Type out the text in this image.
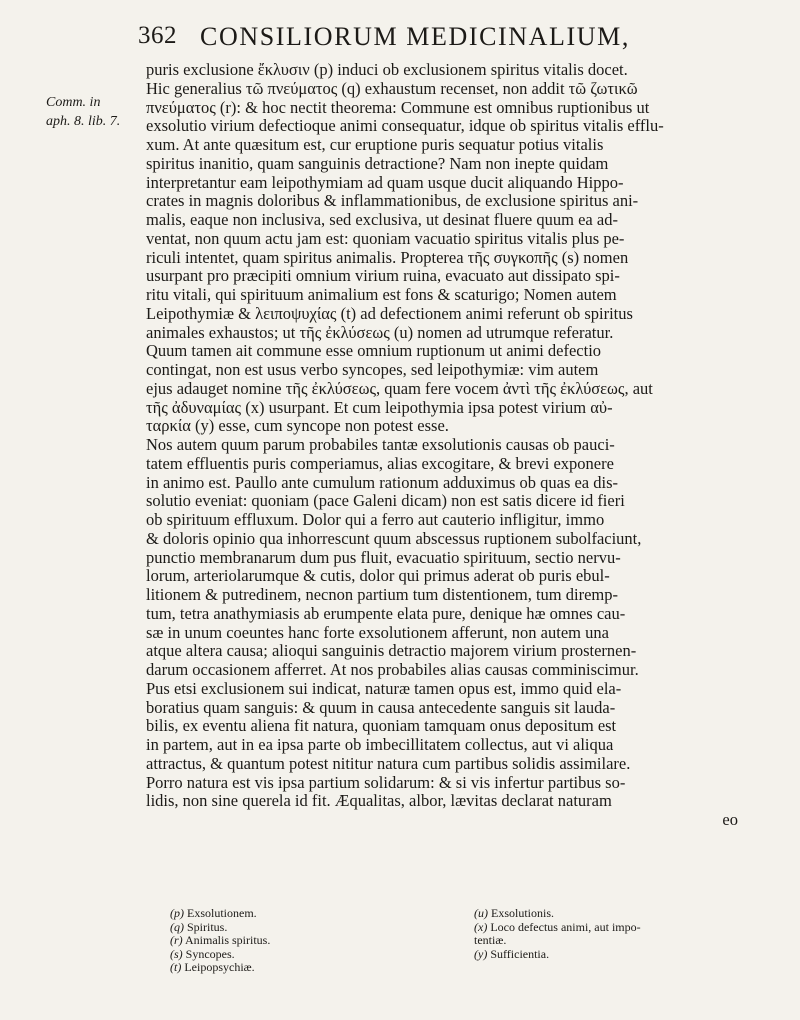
362 CONSILIORUM MEDICINALIUM,
Comm. in
aph. 8. lib. 7.
puris exclusione ἔκλυσιν (p) induci ob exclusionem spiritus vitalis docet.
Hic generalius τῶ πνεύματος (q) exhaustum recenset, non addit τῶ ζωτικῶ
πνεύματος (r): & hoc nectit theorema: Commune est omnibus ruptionibus ut
exsolutio virium defectioque animi consequatur, idque ob spiritus vitalis efflu-
xum. At ante quæsitum est, cur eruptione puris sequatur potius vitalis
spiritus inanitio, quam sanguinis detractione? Nam non inepte quidam
interpretantur eam leipothymiam ad quam usque ducit aliquando Hippo-
crates in magnis doloribus & inflammationibus, de exclusione spiritus ani-
malis, eaque non inclusiva, sed exclusiva, ut desinat fluere quum ea ad-
ventat, non quum actu jam est: quoniam vacuatio spiritus vitalis plus pe-
riculi intentet, quam spiritus animalis. Propterea τῆς συγκοπῆς (s) nomen
usurpant pro præcipiti omnium virium ruina, evacuato aut dissipato spi-
ritu vitali, qui spirituum animalium est fons & scaturigo; Nomen autem
Leipothymiæ & λειποψυχίας (t) ad defectionem animi referunt ob spiritus
animales exhaustos; ut τῆς ἐκλύσεως (u) nomen ad utrumque referatur.
Quum tamen ait commune esse omnium ruptionum ut animi defectio
contingat, non est usus verbo syncopes, sed leipothymiæ: vim autem
ejus adauget nomine τῆς ἐκλύσεως, quam fere vocem ἀντὶ τῆς ἐκλύσεως, aut
τῆς ἀδυναμίας (x) usurpant. Et cum leipothymia ipsa potest virium αὐ-
ταρκία (y) esse, cum syncope non potest esse.
Nos autem quum parum probabiles tantæ exsolutionis causas ob pauci-
tatem effluentis puris comperiamus, alias excogitare, & brevi exponere
in animo est. Paullo ante cumulum rationum adduximus ob quas ea dis-
solutio eveniat: quoniam (pace Galeni dicam) non est satis dicere id fieri
ob spirituum effluxum. Dolor qui a ferro aut cauterio infligitur, immo
& doloris opinio qua inhorrescunt quum abscessus ruptionem subolfaciunt,
punctio membranarum dum pus fluit, evacuatio spirituum, sectio nervu-
lorum, arteriolarumque & cutis, dolor qui primus aderat ob puris ebul-
litionem & putredinem, necnon partium tum distentionem, tum diremp-
tum, tetra anathymiasis ab erumpente elata pure, denique hæ omnes cau-
sæ in unum coeuntes hanc forte exsolutionem afferunt, non autem una
atque altera causa; alioqui sanguinis detractio majorem virium prosternen-
darum occasionem afferret. At nos probabiles alias causas comminiscimur.
Pus etsi exclusionem sui indicat, naturæ tamen opus est, immo quid ela-
boratius quam sanguis: & quum in causa antecedente sanguis sit lauda-
bilis, ex eventu aliena fit natura, quoniam tamquam onus depositum est
in partem, aut in ea ipsa parte ob imbecillitatem collectus, aut vi aliqua
attractus, & quantum potest nititur natura cum partibus solidis assimilare.
Porro natura est vis ipsa partium solidarum: & si vis infertur partibus so-
lidis, non sine querela id fit. Æqualitas, albor, lævitas declarat naturam
eo
(p) Exsolutionem.
(q) Spiritus.
(r) Animalis spiritus.
(s) Syncopes.
(t) Leipopsychiæ.
(u) Exsolutionis.
(x) Loco defectus animi, aut impo-
tentiæ.
(y) Sufficientia.
